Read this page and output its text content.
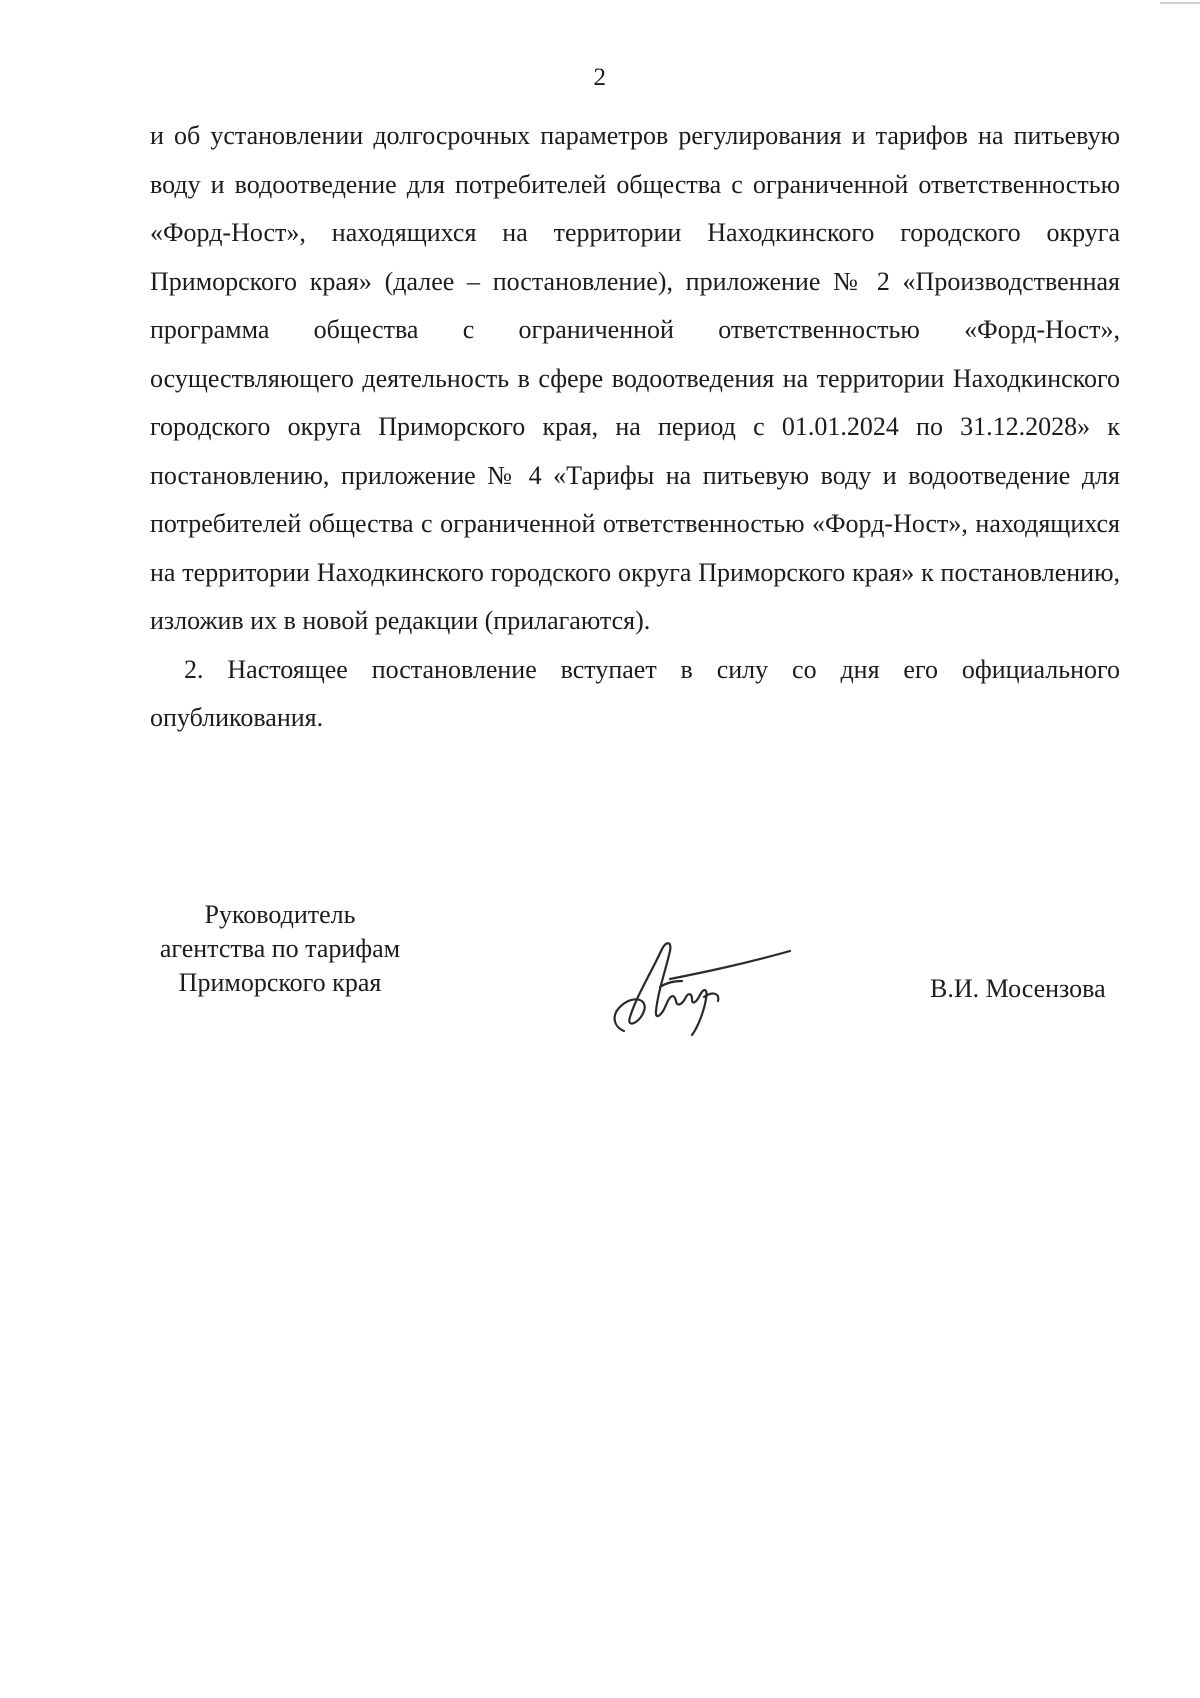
2

и об установлении долгосрочных параметров регулирования и тарифов на питьевую воду и водоотведение для потребителей общества с ограниченной ответственностью «Форд-Ност», находящихся на территории Находкинского городского округа Приморского края» (далее – постановление), приложение № 2 «Производственная программа общества с ограниченной ответственностью «Форд-Ност», осуществляющего деятельность в сфере водоотведения на территории Находкинского городского округа Приморского края, на период с 01.01.2024 по 31.12.2028» к постановлению, приложение № 4 «Тарифы на питьевую воду и водоотведение для потребителей общества с ограниченной ответственностью «Форд-Ност», находящихся на территории Находкинского городского округа Приморского края» к постановлению, изложив их в новой редакции (прилагаются).

2. Настоящее постановление вступает в силу со дня его официального опубликования.

Руководитель
агентства по тарифам
Приморского края	В.И. Мосензова
